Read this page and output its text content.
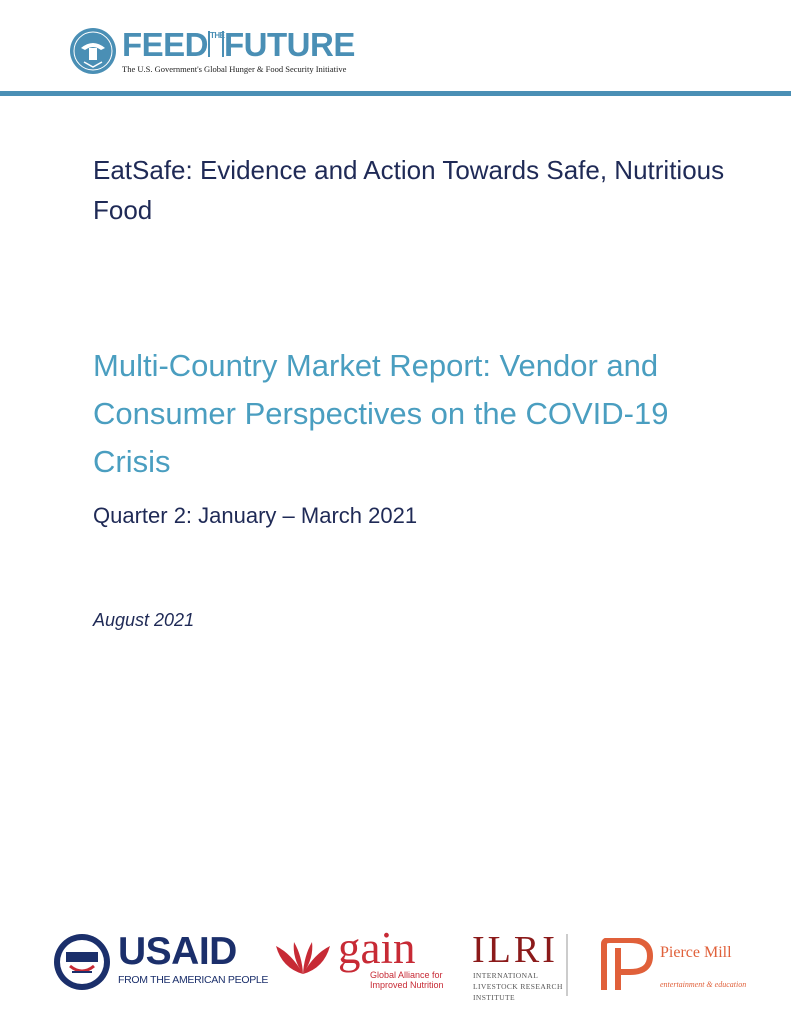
FEED THEFUTURE
The U.S. Government's Global Hunger & Food Security Initiative
EatSafe: Evidence and Action Towards Safe, Nutritious Food
Multi-Country Market Report: Vendor and Consumer Perspectives on the COVID-19 Crisis
Quarter 2: January – March 2021
August 2021
USAID
FROM THE AMERICAN PEOPLE
gain
Global Alliance for Improved Nutrition
ILRI
INTERNATIONAL LIVESTOCK RESEARCH INSTITUTE
Pierce Mill
entertainment & education
